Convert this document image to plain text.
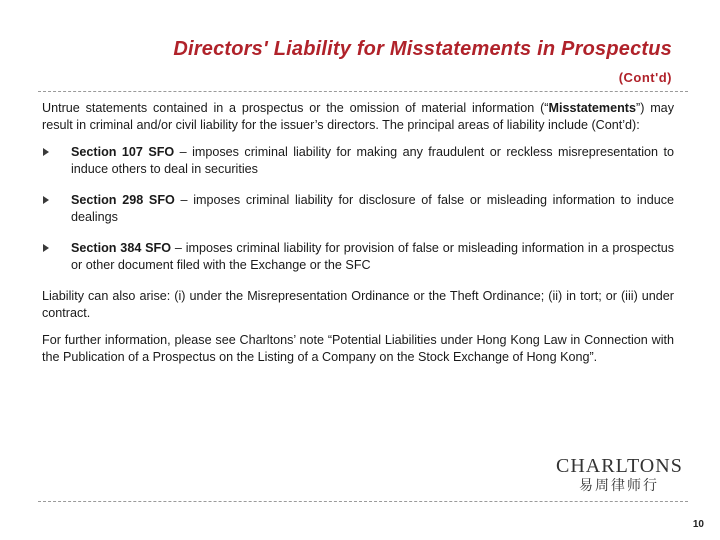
Directors' Liability for Misstatements in Prospectus
(Cont'd)

Untrue statements contained in a prospectus or the omission of material information (“Misstatements”) may result in criminal and/or civil liability for the issuer’s directors. The principal areas of liability include (Cont’d):

Section 107 SFO – imposes criminal liability for making any fraudulent or reckless misrepresentation to induce others to deal in securities
Section 298 SFO – imposes criminal liability for disclosure of false or misleading information to induce dealings
Section 384 SFO – imposes criminal liability for provision of false or misleading information in a prospectus or other document filed with the Exchange or the SFC

Liability can also arise: (i) under the Misrepresentation Ordinance or the Theft Ordinance; (ii) in tort; or (iii) under contract.

For further information, please see Charltons’ note “Potential Liabilities under Hong Kong Law in Connection with the Publication of a Prospectus on the Listing of a Company on the Stock Exchange of Hong Kong”.

CHARLTONS
易周律师行
10
